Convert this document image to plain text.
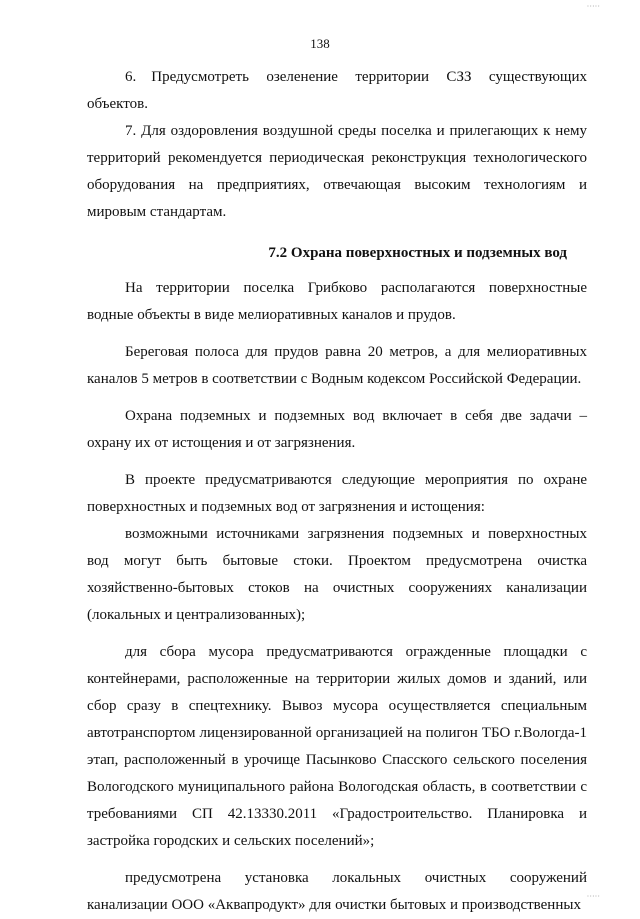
·····
138

6. Предусмотреть озеленение территории СЗЗ существующих объектов.

7. Для оздоровления воздушной среды поселка и прилегающих к нему территорий рекомендуется периодическая реконструкция технологического оборудования на предприятиях, отвечающая высоким технологиям и мировым стандартам.

7.2 Охрана поверхностных и подземных вод

На территории поселка Грибково располагаются поверхностные водные объекты в виде мелиоративных каналов и прудов.

Береговая полоса для прудов равна 20 метров, а для мелиоративных каналов 5 метров в соответствии с Водным кодексом Российской Федерации.

Охрана подземных и подземных вод включает в себя две задачи – охрану их от истощения и от загрязнения.

В проекте предусматриваются следующие мероприятия по охране поверхностных и подземных вод от загрязнения и истощения:

возможными источниками загрязнения подземных и поверхностных вод могут быть бытовые стоки. Проектом предусмотрена очистка хозяйственно-бытовых стоков на очистных сооружениях канализации (локальных и централизованных);

для сбора мусора предусматриваются огражденные площадки с контейнерами, расположенные на территории жилых домов и зданий, или сбор сразу в спецтехнику. Вывоз мусора осуществляется специальным автотранспортом лицензированной организацией на полигон ТБО г.Вологда-1 этап, расположенный в урочище Пасынково Спасского сельского поселения Вологодского муниципального района Вологодская область, в соответствии с требованиями СП 42.13330.2011 «Градостроительство. Планировка и застройка городских и сельских поселений»;

предусмотрена установка локальных очистных сооружений канализации ООО «Аквапродукт» для очистки бытовых и производственных

·····
